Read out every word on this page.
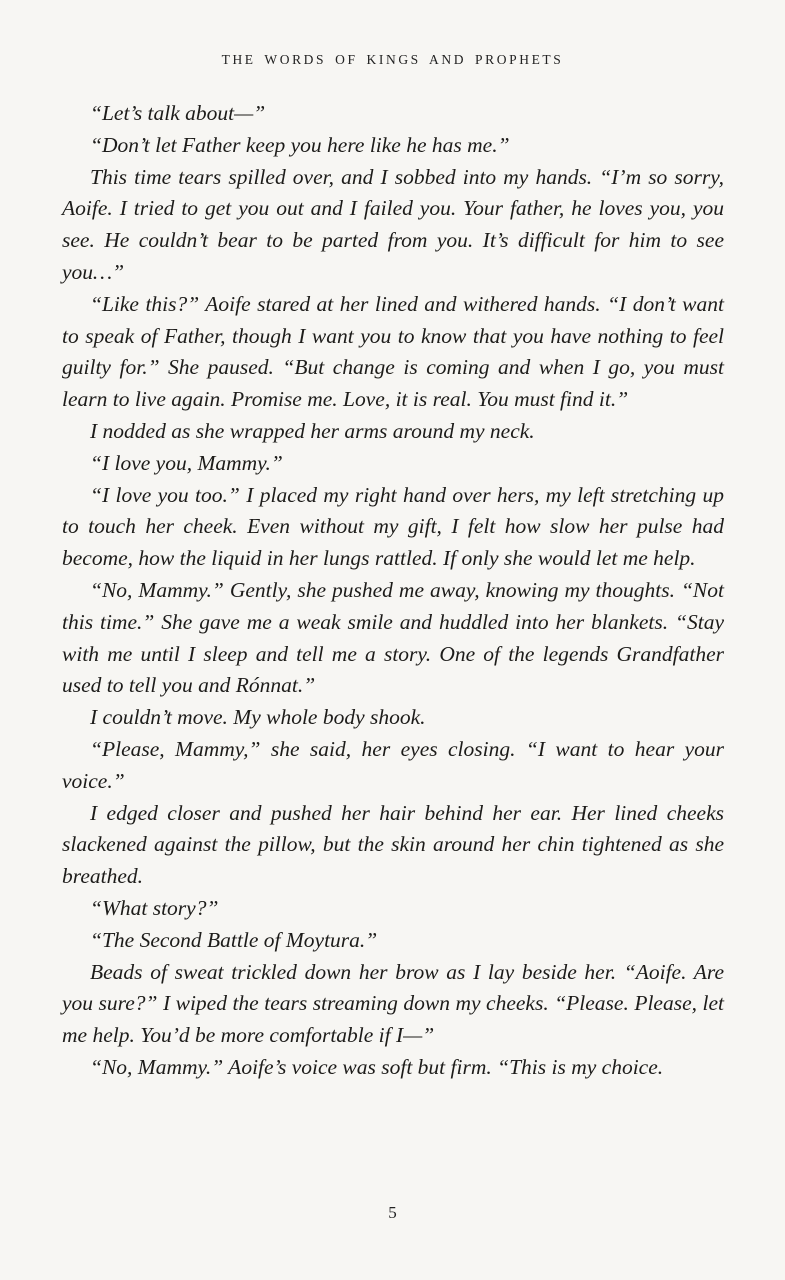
THE WORDS OF KINGS AND PROPHETS

“Let’s talk about—”

“Don’t let Father keep you here like he has me.”

This time tears spilled over, and I sobbed into my hands. “I’m so sorry, Aoife. I tried to get you out and I failed you. Your father, he loves you, you see. He couldn’t bear to be parted from you. It’s difficult for him to see you…”

“Like this?” Aoife stared at her lined and withered hands. “I don’t want to speak of Father, though I want you to know that you have nothing to feel guilty for.” She paused. “But change is coming and when I go, you must learn to live again. Promise me. Love, it is real. You must find it.”

I nodded as she wrapped her arms around my neck.

“I love you, Mammy.”

“I love you too.” I placed my right hand over hers, my left stretching up to touch her cheek. Even without my gift, I felt how slow her pulse had become, how the liquid in her lungs rattled. If only she would let me help.

“No, Mammy.” Gently, she pushed me away, knowing my thoughts. “Not this time.” She gave me a weak smile and huddled into her blankets. “Stay with me until I sleep and tell me a story. One of the legends Grandfather used to tell you and Rónnat.”

I couldn’t move. My whole body shook.

“Please, Mammy,” she said, her eyes closing. “I want to hear your voice.”

I edged closer and pushed her hair behind her ear. Her lined cheeks slackened against the pillow, but the skin around her chin tightened as she breathed.

“What story?”

“The Second Battle of Moytura.”

Beads of sweat trickled down her brow as I lay beside her. “Aoife. Are you sure?” I wiped the tears streaming down my cheeks. “Please. Please, let me help. You’d be more comfortable if I—”

“No, Mammy.” Aoife’s voice was soft but firm. “This is my choice.

5
